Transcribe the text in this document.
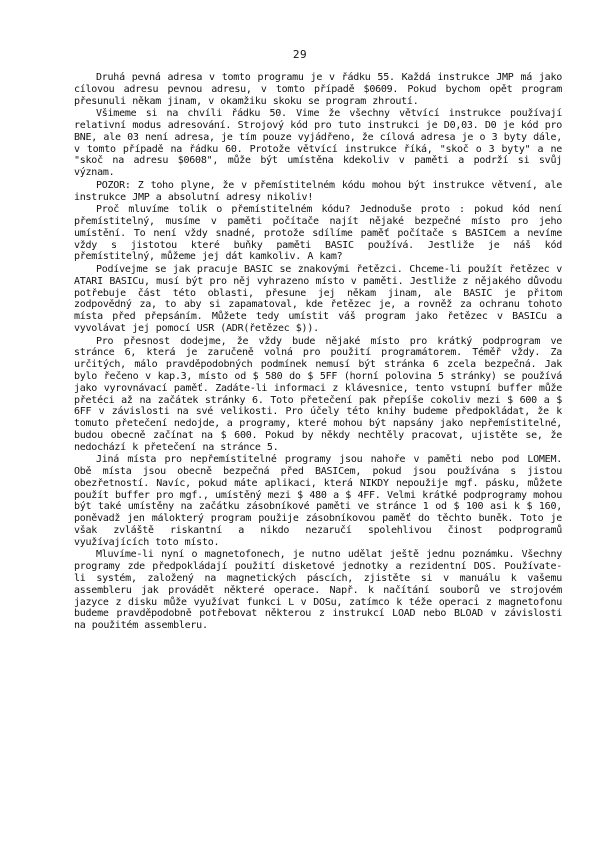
29

Druhá pevná adresa v tomto programu je v řádku 55. Každá instrukce JMP má jako cílovou adresu pevnou adresu, v tomto případě $0609. Pokud bychom opět program přesunuli někam jinam, v okamžiku skoku se program zhroutí.

Všimeme si na chvíli řádku 50. Vime že všechny větvící instrukce používají relativní modus adresování. Strojový kód pro tuto instrukci je D0,03. D0 je kód pro BNE, ale 03 není adresa, je tím pouze vyjádřeno, že cílová adresa je o 3 byty dále, v tomto případě na řádku 60. Protože větvící instrukce říká, "skoč o 3 byty" a ne "skoč na adresu $0608", může být umístěna kdekoliv v paměti a podrží si svůj význam.

POZOR: Z toho plyne, že v přemístitelném kódu mohou být instrukce větvení, ale instrukce JMP a absolutní adresy nikoliv!

Proč mluvíme tolik o přemístitelném kódu? Jednoduše proto : pokud kód není přemístitelný, musíme v paměti počítače najít nějaké bezpečné místo pro jeho umístění. To není vždy snadné, protože sdílíme paměť počítače s BASICem a nevíme vždy s jistotou které buňky paměti BASIC používá. Jestliže je náš kód přemístitelný, můžeme jej dát kamkoliv. A kam?

Podívejme se jak pracuje BASIC se znakovými řetězci. Chceme-li použít řetězec v ATARI BASICu, musí být pro něj vyhrazeno místo v paměti. Jestliže z nějakého důvodu potřebuje část této oblasti, přesune jej někam jinam, ale BASIC je přitom zodpovědný za, to aby si zapamatoval, kde řetězec je, a rovněž za ochranu tohoto místa před přepsáním. Můžete tedy umístit váš program jako řetězec v BASICu a vyvolávat jej pomocí USR (ADR(řetězec $)).

Pro přesnost dodejme, že vždy bude nějaké místo pro krátký podprogram ve stránce 6, která je zaručeně volná pro použití programátorem. Téměř vždy. Za určitých, málo pravděpodobných podmínek nemusí být stránka 6 zcela bezpečná. Jak bylo řečeno v kap.3, místo od $ 580 do $ 5FF (horní polovina 5 stránky) se používá jako vyrovnávací paměť. Zadáte-li informaci z klávesnice, tento vstupní buffer může přetéci až na začátek stránky 6. Toto přetečení pak přepíše cokoliv mezi $ 600 a $ 6FF v závislosti na své velikosti. Pro účely této knihy budeme předpokládat, že k tomuto přetečení nedojde, a programy, které mohou být napsány jako nepřemístitelné, budou obecně začínat na $ 600. Pokud by někdy nechtěly pracovat, ujistěte se, že nedochází k přetečení na stránce 5.

Jiná místa pro nepřemístitelné programy jsou nahoře v paměti nebo pod LOMEM. Obě místa jsou obecně bezpečná před BASICem, pokud jsou používána s jistou obezřetností. Navíc, pokud máte aplikaci, která NIKDY nepoužije mgf. pásku, můžete použít buffer pro mgf., umístěný mezi $ 480 a $ 4FF. Velmi krátké podprogramy mohou být také umístěny na začátku zásobníkové paměti ve stránce 1 od $ 100 asi k $ 160, poněvadž jen málokterý program použije zásobníkovou paměť do těchto buněk. Toto je však zvláště riskantní a nikdo nezaručí spolehlivou činost podprogramů využívajících toto místo.

Mluvíme-li nyní o magnetofonech, je nutno udělat ještě jednu poznámku. Všechny programy zde předpokládají použití disketové jednotky a rezidentní DOS. Používate-li systém, založený na magnetických páscích, zjistěte si v manuálu k vašemu assembleru jak provádět některé operace. Např. k načítání souborů ve strojovém jazyce z disku může využívat funkci L v DOSu, zatímco k téže operaci z magnetofonu budeme pravděpodobně potřebovat některou z instrukcí LOAD nebo BLOAD v závislosti na použitém assembleru.
